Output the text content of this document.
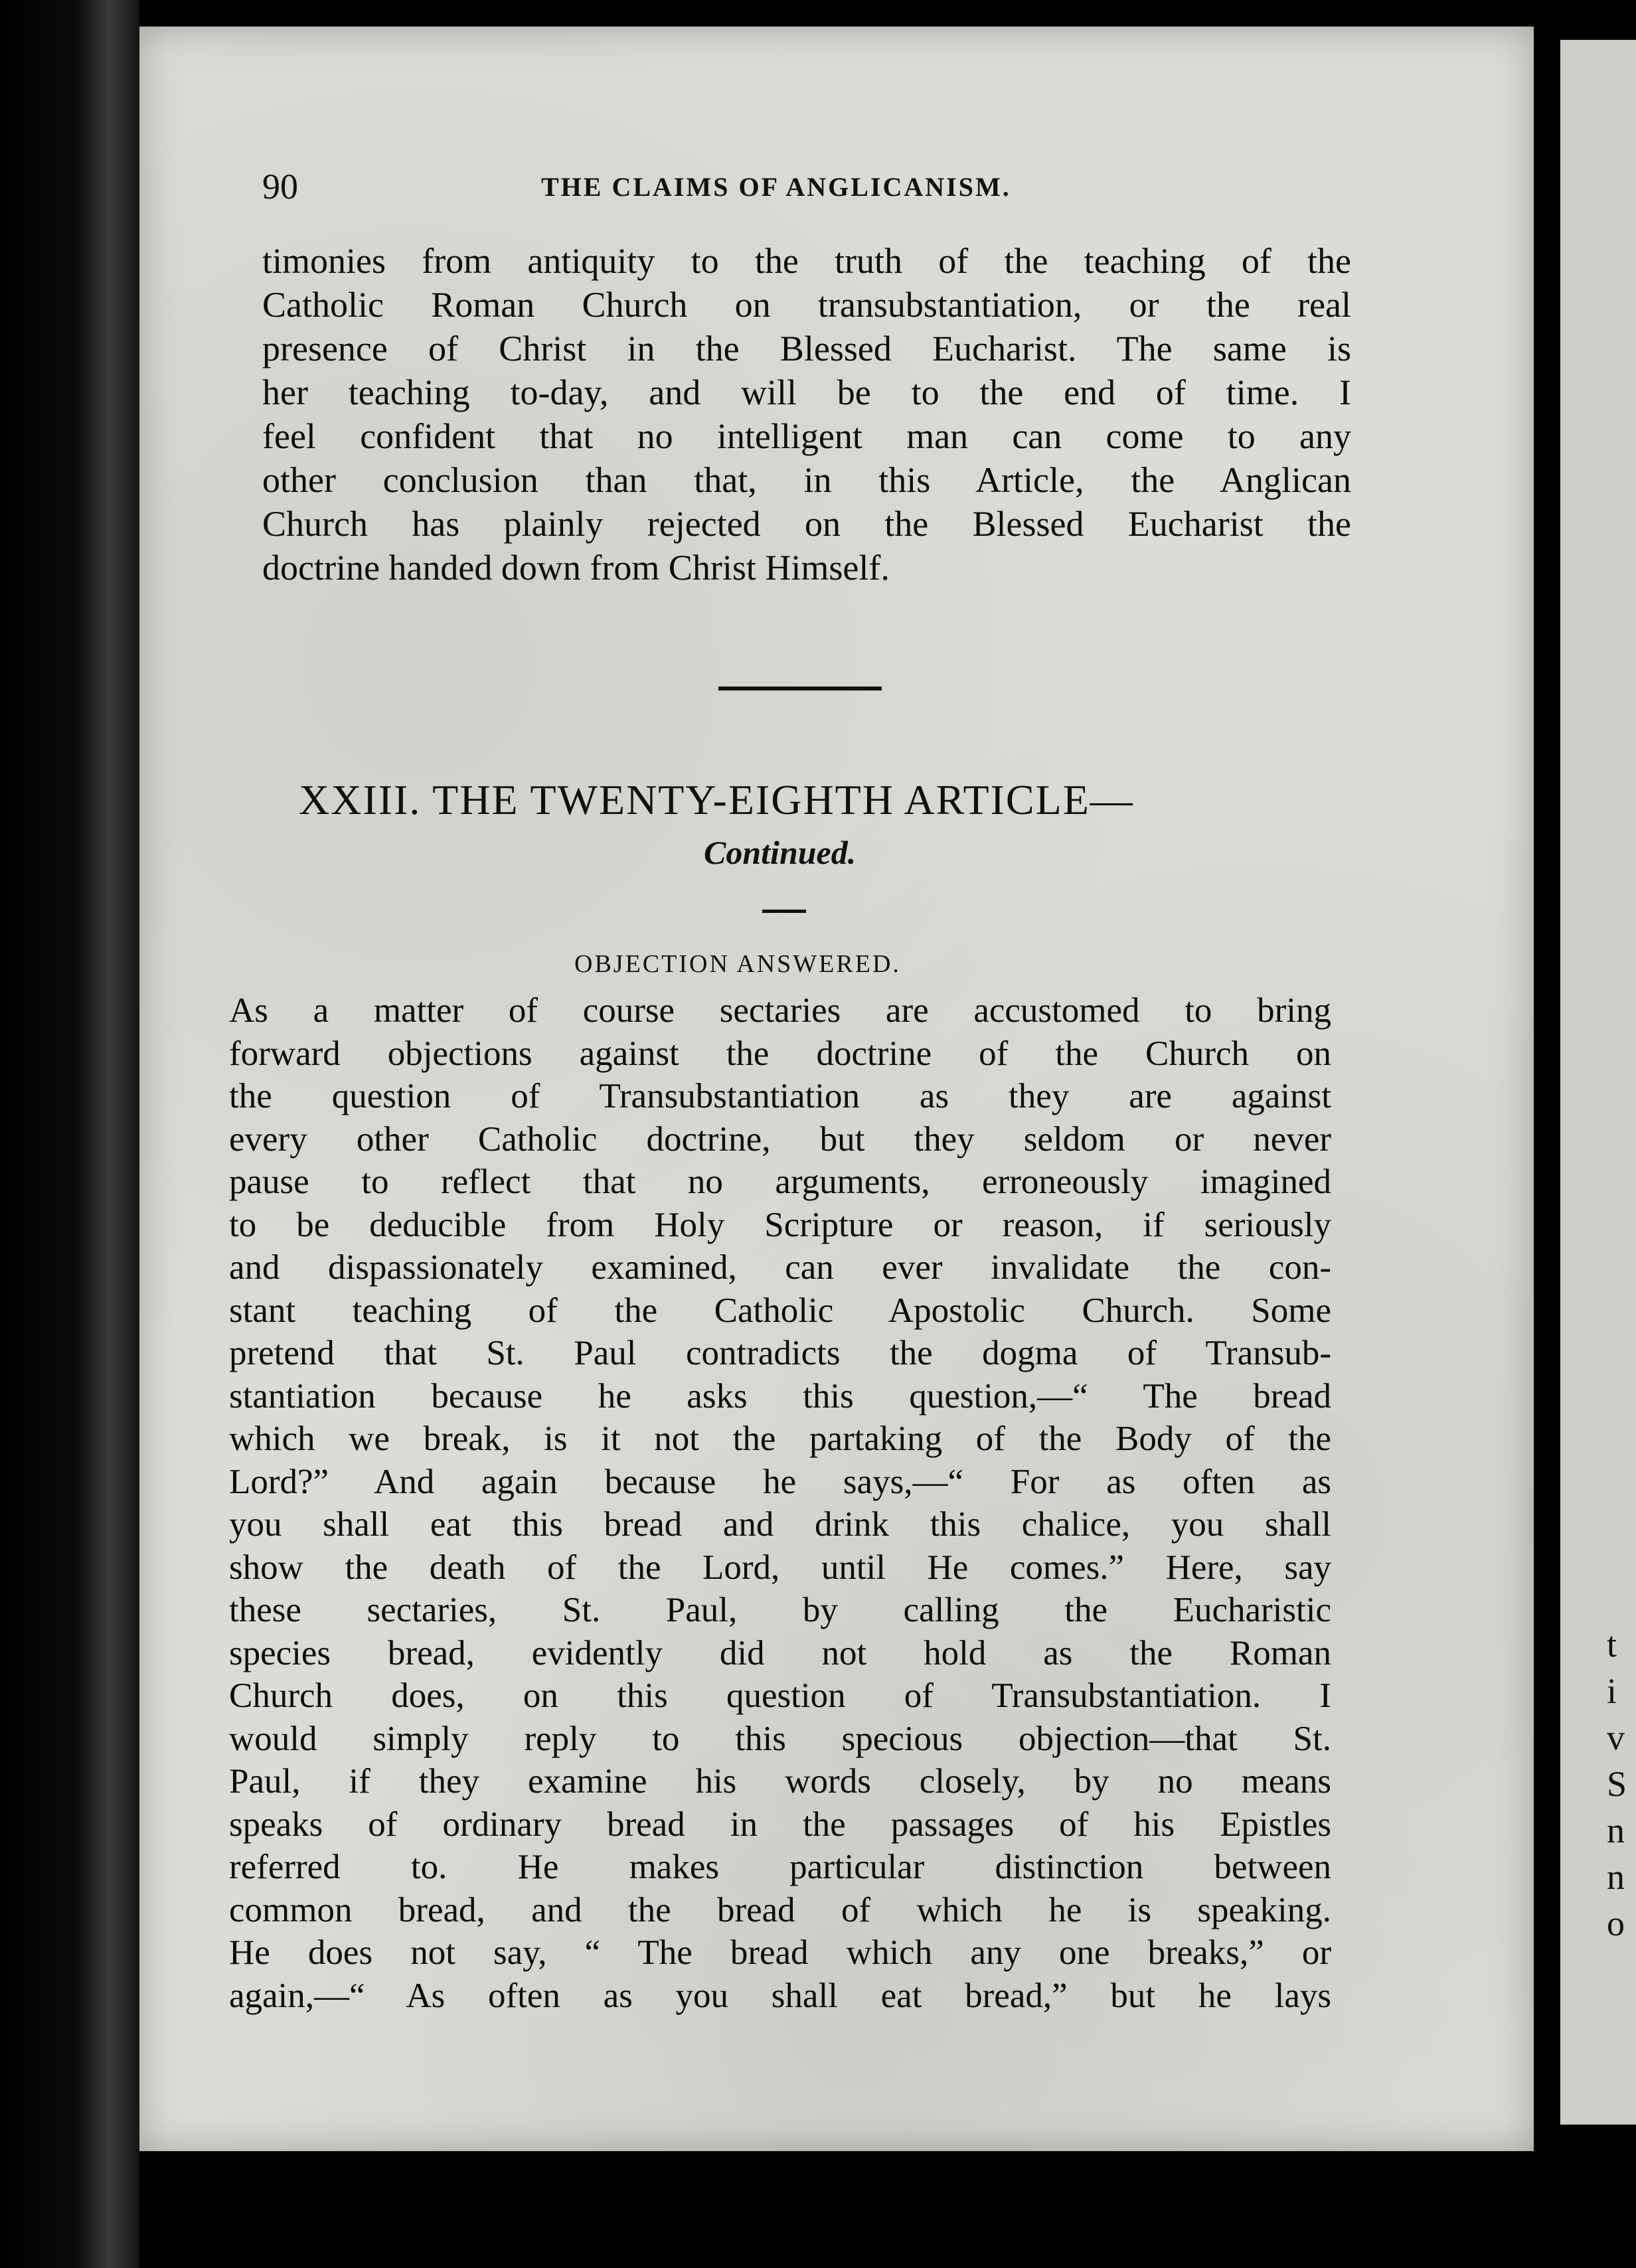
t
i
v
S
n
n
o
90	THE CLAIMS OF ANGLICANISM.
timonies from antiquity to the truth of the teaching of the
Catholic Roman Church on transubstantiation, or the real
presence of Christ in the Blessed Eucharist. The same is
her teaching to-day, and will be to the end of time. I
feel confident that no intelligent man can come to any
other conclusion than that, in this Article, the Anglican
Church has plainly rejected on the Blessed Eucharist the
doctrine handed down from Christ Himself.
XXIII. THE TWENTY-EIGHTH ARTICLE—
Continued.
OBJECTION ANSWERED.
As a matter of course sectaries are accustomed to bring
forward objections against the doctrine of the Church on
the question of Transubstantiation as they are against
every other Catholic doctrine, but they seldom or never
pause to reflect that no arguments, erroneously imagined
to be deducible from Holy Scripture or reason, if seriously
and dispassionately examined, can ever invalidate the con-
stant teaching of the Catholic Apostolic Church. Some
pretend that St. Paul contradicts the dogma of Transub-
stantiation because he asks this question,—“ The bread
which we break, is it not the partaking of the Body of the
Lord?” And again because he says,—“ For as often as
you shall eat this bread and drink this chalice, you shall
show the death of the Lord, until He comes.” Here, say
these sectaries, St. Paul, by calling the Eucharistic
species bread, evidently did not hold as the Roman
Church does, on this question of Transubstantiation. I
would simply reply to this specious objection—that St.
Paul, if they examine his words closely, by no means
speaks of ordinary bread in the passages of his Epistles
referred to. He makes particular distinction between
common bread, and the bread of which he is speaking.
He does not say, “ The bread which any one breaks,” or
again,—“ As often as you shall eat bread,” but he lays
